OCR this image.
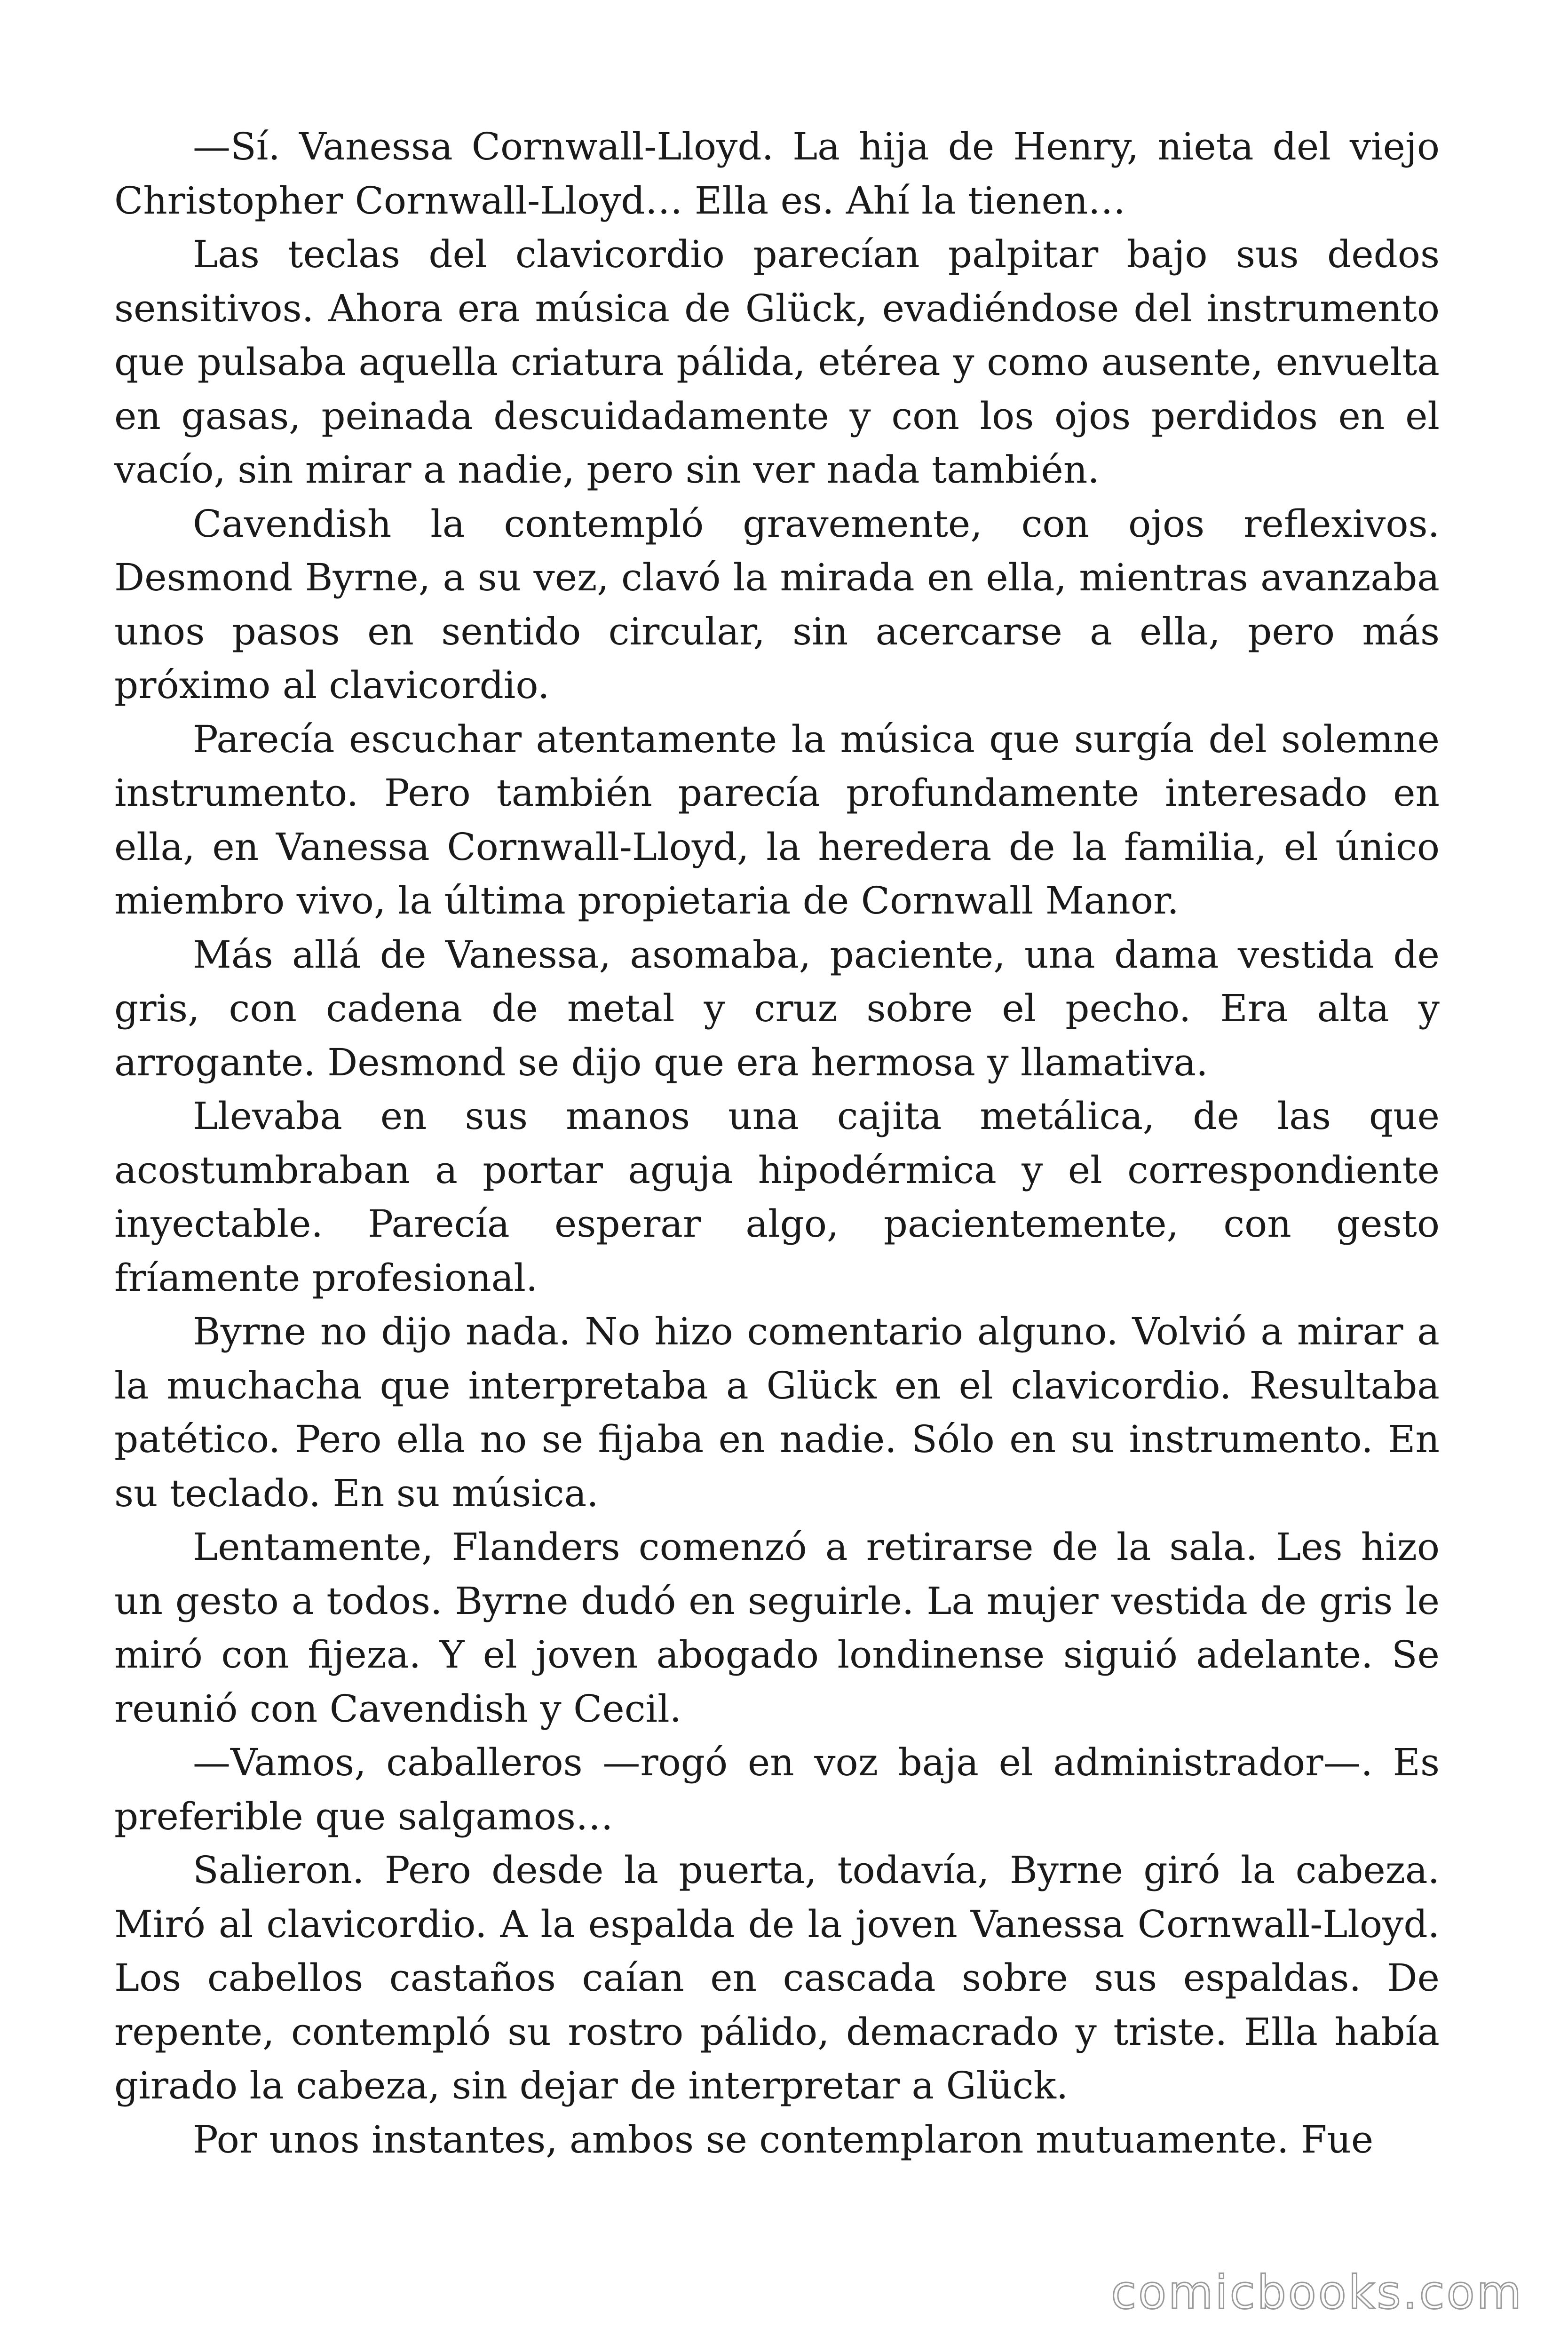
—Sí. Vanessa Cornwall-Lloyd. La hija de Henry, nieta del viejo Christopher Cornwall-Lloyd… Ella es. Ahí la tienen…

Las teclas del clavicordio parecían palpitar bajo sus dedos sensitivos. Ahora era música de Glück, evadiéndose del instrumento que pulsaba aquella criatura pálida, etérea y como ausente, envuelta en gasas, peinada descuidadamente y con los ojos perdidos en el vacío, sin mirar a nadie, pero sin ver nada también.

Cavendish la contempló gravemente, con ojos reflexivos. Desmond Byrne, a su vez, clavó la mirada en ella, mientras avanzaba unos pasos en sentido circular, sin acercarse a ella, pero más próximo al clavicordio.

Parecía escuchar atentamente la música que surgía del solemne instrumento. Pero también parecía profundamente interesado en ella, en Vanessa Cornwall-Lloyd, la heredera de la familia, el único miembro vivo, la última propietaria de Cornwall Manor.

Más allá de Vanessa, asomaba, paciente, una dama vestida de gris, con cadena de metal y cruz sobre el pecho. Era alta y arrogante. Desmond se dijo que era hermosa y llamativa.

Llevaba en sus manos una cajita metálica, de las que acostumbraban a portar aguja hipodérmica y el correspondiente inyectable. Parecía esperar algo, pacientemente, con gesto fríamente profesional.

Byrne no dijo nada. No hizo comentario alguno. Volvió a mirar a la muchacha que interpretaba a Glück en el clavicordio. Resultaba patético. Pero ella no se fijaba en nadie. Sólo en su instrumento. En su teclado. En su música.

Lentamente, Flanders comenzó a retirarse de la sala. Les hizo un gesto a todos. Byrne dudó en seguirle. La mujer vestida de gris le miró con fijeza. Y el joven abogado londinense siguió adelante. Se reunió con Cavendish y Cecil.

—Vamos, caballeros —rogó en voz baja el administrador—. Es preferible que salgamos…

Salieron. Pero desde la puerta, todavía, Byrne giró la cabeza. Miró al clavicordio. A la espalda de la joven Vanessa Cornwall-Lloyd. Los cabellos castaños caían en cascada sobre sus espaldas. De repente, contempló su rostro pálido, demacrado y triste. Ella había girado la cabeza, sin dejar de interpretar a Glück.

Por unos instantes, ambos se contemplaron mutuamente. Fue

comicbooks.com
